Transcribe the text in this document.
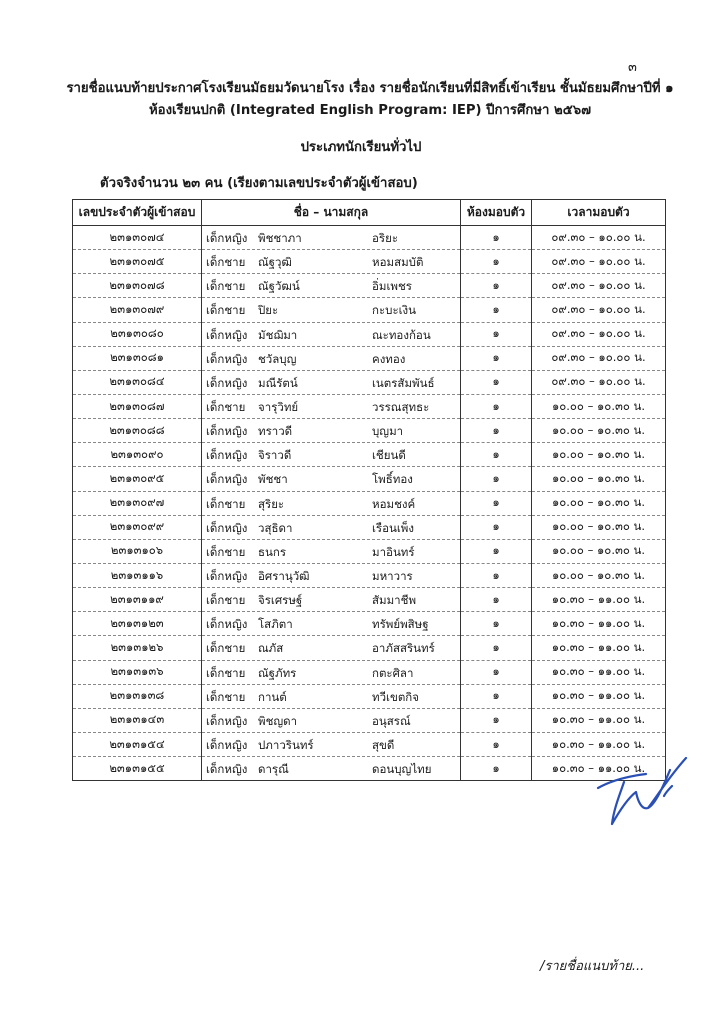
๓
รายชื่อแนบท้ายประกาศโรงเรียนมัธยมวัดนายโรง เรื่อง รายชื่อนักเรียนที่มีสิทธิ์เข้าเรียน ชั้นมัธยมศึกษาปีที่ ๑
ห้องเรียนปกติ (Integrated English Program: IEP) ปีการศึกษา ๒๕๖๗
ประเภทนักเรียนทั่วไป
ตัวจริงจำนวน ๒๓ คน (เรียงตามเลขประจำตัวผู้เข้าสอบ)
เลขประจำตัวผู้เข้าสอบ	ชื่อ – นามสกุล	ห้องมอบตัว	เวลามอบตัว
๒๓๑๓๐๗๔	เด็กหญิง พิชชาภา อริยะ	๑	๐๙.๓๐ – ๑๐.๐๐ น.
๒๓๑๓๐๗๕	เด็กชาย ณัฐวุฒิ หอมสมบัติ	๑	๐๙.๓๐ – ๑๐.๐๐ น.
๒๓๑๓๐๗๘	เด็กชาย ณัฐวัฒน์ อิ่มเพชร	๑	๐๙.๓๐ – ๑๐.๐๐ น.
๒๓๑๓๐๗๙	เด็กชาย ปิยะ กะบะเงิน	๑	๐๙.๓๐ – ๑๐.๐๐ น.
๒๓๑๓๐๘๐	เด็กหญิง มัชฌิมา ณะทองก้อน	๑	๐๙.๓๐ – ๑๐.๐๐ น.
๒๓๑๓๐๘๑	เด็กหญิง ชวัลบุญ คงทอง	๑	๐๙.๓๐ – ๑๐.๐๐ น.
๒๓๑๓๐๘๔	เด็กหญิง มณีรัตน์ เนตรสัมพันธ์	๑	๐๙.๓๐ – ๑๐.๐๐ น.
๒๓๑๓๐๘๗	เด็กชาย จารุวิทย์ วรรณสุทธะ	๑	๑๐.๐๐ – ๑๐.๓๐ น.
๒๓๑๓๐๘๘	เด็กหญิง ทราวดี บุญมา	๑	๑๐.๐๐ – ๑๐.๓๐ น.
๒๓๑๓๐๙๐	เด็กหญิง จิราวดี เชียนดี	๑	๑๐.๐๐ – ๑๐.๓๐ น.
๒๓๑๓๐๙๕	เด็กหญิง พัชชา โพธิ์ทอง	๑	๑๐.๐๐ – ๑๐.๓๐ น.
๒๓๑๓๐๙๗	เด็กชาย สุริยะ หอมชงค์	๑	๑๐.๐๐ – ๑๐.๓๐ น.
๒๓๑๓๐๙๙	เด็กหญิง วสุธิดา เรือนเพ็ง	๑	๑๐.๐๐ – ๑๐.๓๐ น.
๒๓๑๓๑๐๖	เด็กชาย ธนกร มาอินทร์	๑	๑๐.๐๐ – ๑๐.๓๐ น.
๒๓๑๓๑๑๖	เด็กหญิง อิศรานุวัฒิ มหาวาร	๑	๑๐.๐๐ – ๑๐.๓๐ น.
๒๓๑๓๑๑๙	เด็กชาย จิรเศรษฐ์ สัมมาชีพ	๑	๑๐.๓๐ – ๑๑.๐๐ น.
๒๓๑๓๑๒๓	เด็กหญิง โสภิตา ทรัพย์พสิษฐ	๑	๑๐.๓๐ – ๑๑.๐๐ น.
๒๓๑๓๑๒๖	เด็กชาย ณภัส อาภัสสรินทร์	๑	๑๐.๓๐ – ๑๑.๐๐ น.
๒๓๑๓๑๓๖	เด็กชาย ณัฐภัทร กตะศิลา	๑	๑๐.๓๐ – ๑๑.๐๐ น.
๒๓๑๓๑๓๘	เด็กชาย กานต์ ทวีเขตกิจ	๑	๑๐.๓๐ – ๑๑.๐๐ น.
๒๓๑๓๑๔๓	เด็กหญิง พิชญดา อนุสรณ์	๑	๑๐.๓๐ – ๑๑.๐๐ น.
๒๓๑๓๑๕๔	เด็กหญิง ปภาวรินทร์ สุขดี	๑	๑๐.๓๐ – ๑๑.๐๐ น.
๒๓๑๓๑๕๕	เด็กหญิง ดารุณี ดอนบุญไทย	๑	๑๐.๓๐ – ๑๑.๐๐ น.
/รายชื่อแนบท้าย...
